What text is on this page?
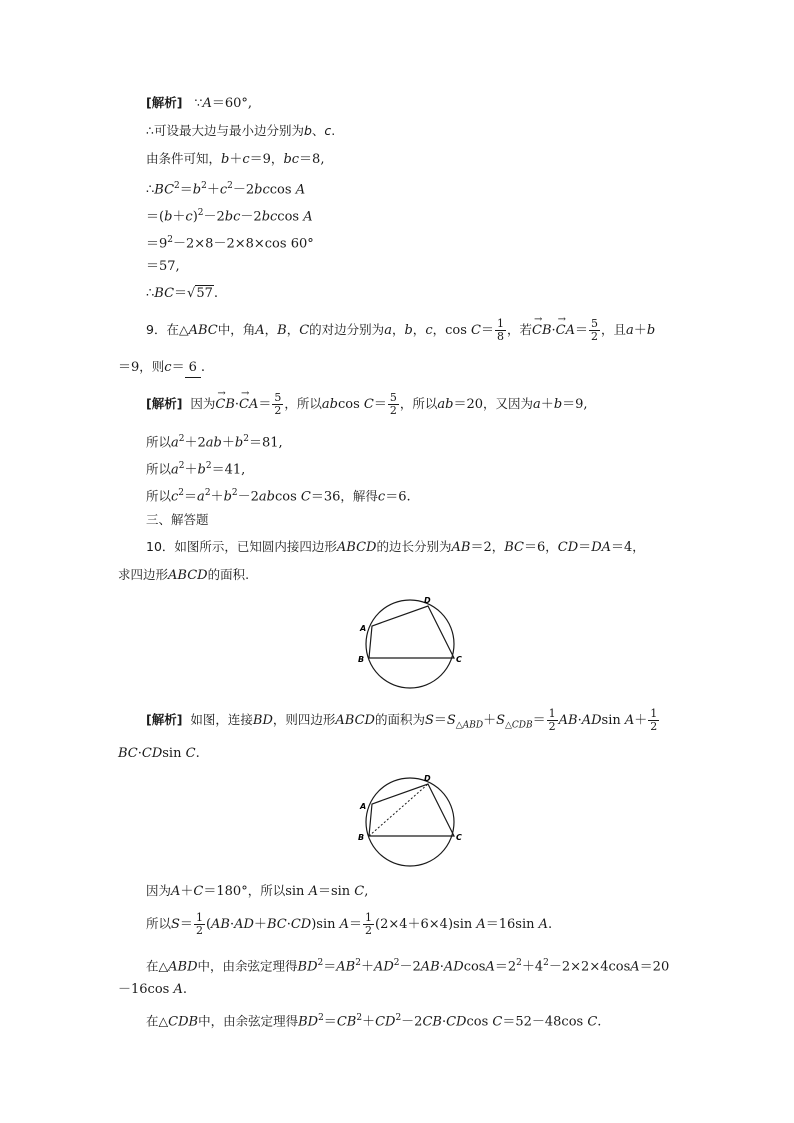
[解析]   ∵A＝60°,
∴可设最大边与最小边分别为b、c.
由条件可知，b＋c＝9，bc＝8,
$\therefore BC^2=b^2+c^2-2bccos$ A
$=(b+c)^2-2bc-2bccos$ A
$=9^2-2\times 8-2\times 8\times\cos$ 60°
＝57,
∴BC＝√57.
9．在△ABC中，角A，B，C的对边分别为a，b，c，$\cos C= \frac{1}{8}$ ，若→ $CB\cdot\to CA= \frac{5}{2}$ ，且a＋b
＝9，则c＝ 6 .
[解析]  因为→ $CB\cdot\to CA= \frac{5}{2}$ ，所以abcos $C= \frac{5}{2}$ ，所以ab＝20，又因为a＋b＝9,
所以$a^2+2ab+b^2=81$,
所以$a^2+b^2=41$,
所以$c^2=a^2+b^2-2abcos$ C＝36，解得c＝6.
三、解答题
10．如图所示，已知圆内接四边形ABCD的边长分别为AB＝2，BC＝6，CD＝DA＝4，
求四边形ABCD的面积.
A
B	C
D
[解析]  如图，连接BD，则四边形ABCD的面积为$S=S_{\triangle ABD}+S_{\triangle CDB}= \frac{1}{2} AB\cdot ADsin$ $A+ \frac{1}{2}$
BC·CDsin C.
A
B	C
D
因为A＋C＝180°，所以sin A＝sin C,
所以$S= \frac{1}{2} (AB\cdot AD+BC\cdot CD)\sin$ $A= \frac{1}{2} (2\times 4+6\times 4)\sin$ A＝16sin A.
在△ABD中，由余弦定理得$BD^2=AB^2+AD^2-2AB\cdot ADcosA=2^2+4^2-2\times 2\times 4\cos A=20$
－16cos A.
在△CDB中，由余弦定理得$BD^2=CB^2+CD^2-2CB\cdot CDcos$ C＝52－48cos C.
